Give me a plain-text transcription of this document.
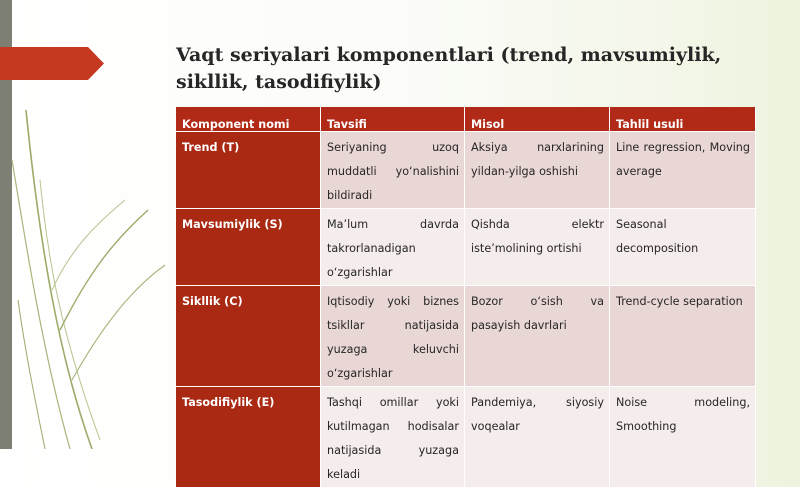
Vaqt seriyalari komponentlari (trend, mavsumiylik, sikllik, tasodifiylik)
Komponent nomi	Tavsifi	Misol	Tahlil usuli
Trend (T)	Seriyaning uzoq muddatli yo‘nalishini bildiradi	Aksiya narxlarining yildan-yilga oshishi	Line regression, Moving average
Mavsumiylik (S)	Ma’lum davrda takrorlanadigan o‘zgarishlar	Qishda elektr iste’molining ortishi	Seasonal decomposition
Sikllik (C)	Iqtisodiy yoki biznes tsikllar natijasida yuzaga keluvchi o‘zgarishlar	Bozor o‘sish va pasayish davrlari	Trend-cycle separation
Tasodifiylik (E)	Tashqi omillar yoki kutilmagan hodisalar natijasida yuzaga keladi	Pandemiya, siyosiy voqealar	Noise modeling, Smoothing
